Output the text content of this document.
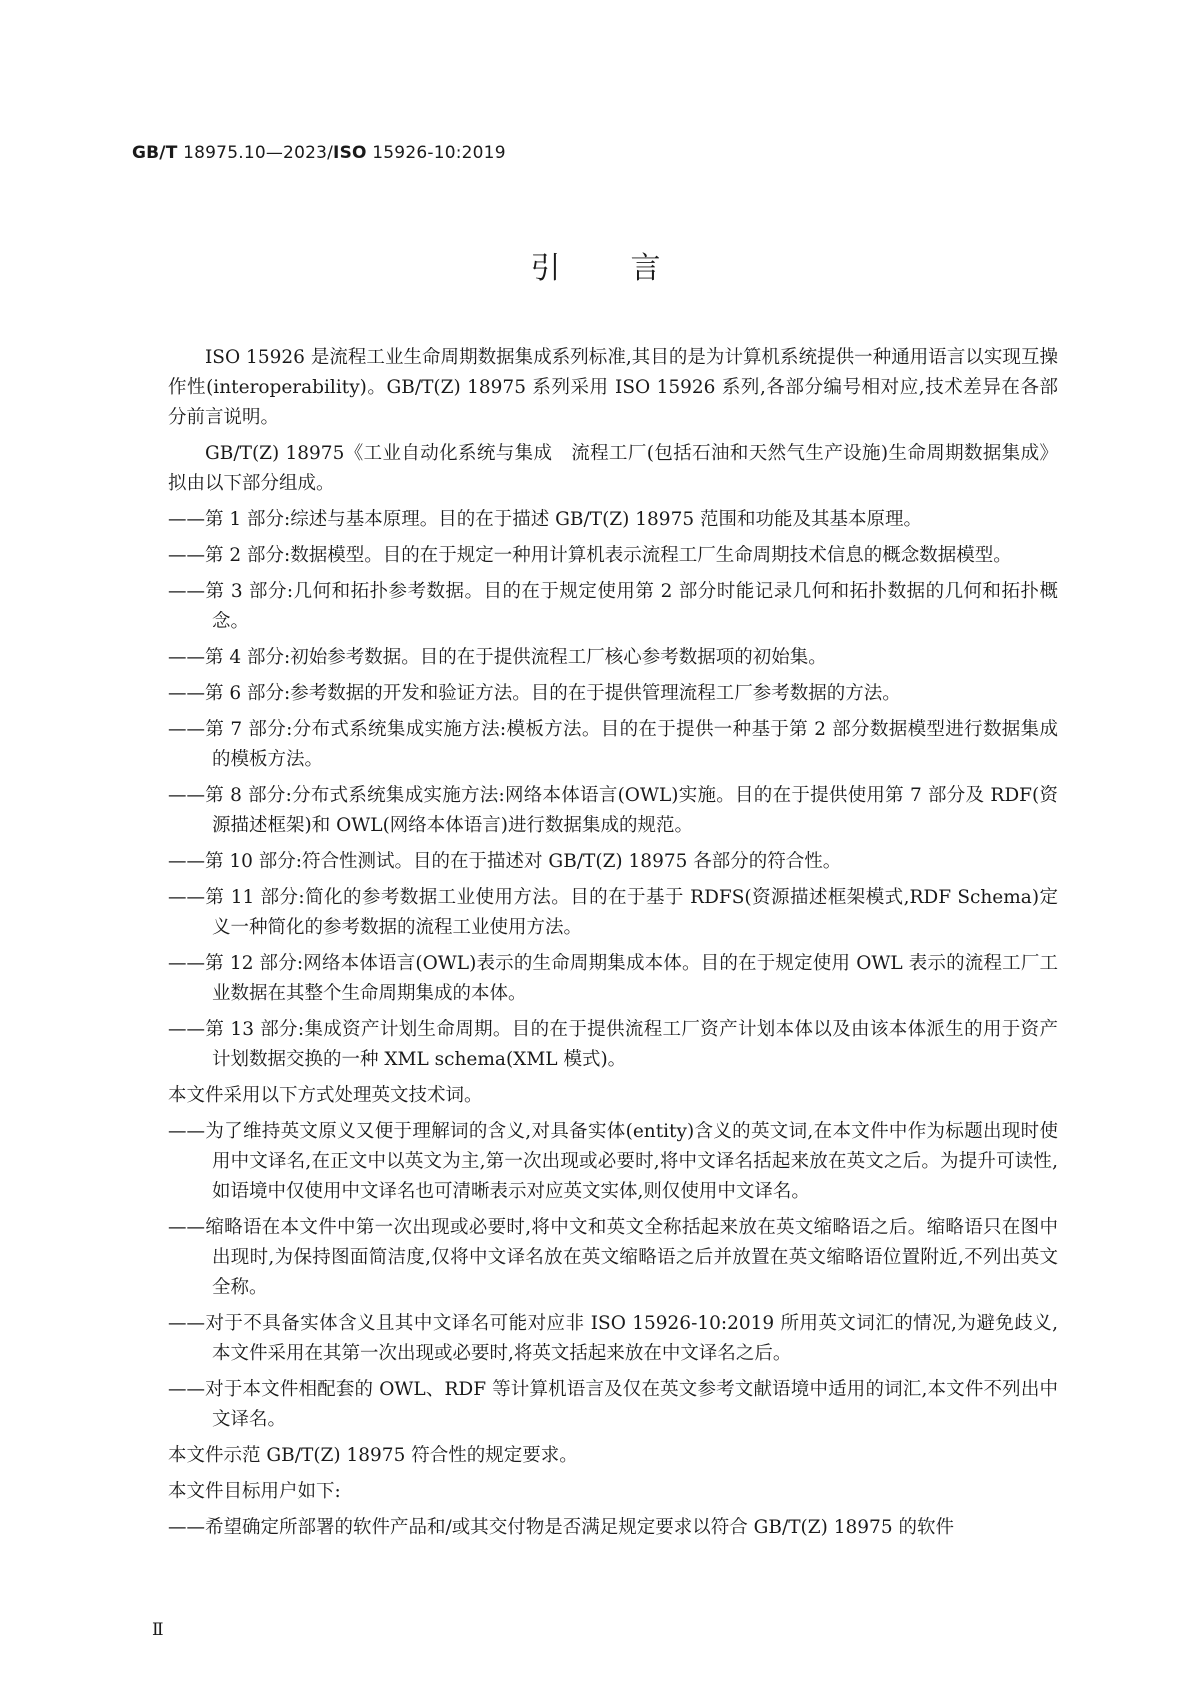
GB/T 18975.10—2023/ISO 15926-10:2019
引言

ISO 15926 是流程工业生命周期数据集成系列标准,其目的是为计算机系统提供一种通用语言以实现互操作性(interoperability)。GB/T(Z) 18975 系列采用 ISO 15926 系列,各部分编号相对应,技术差异在各部分前言说明。

GB/T(Z) 18975《工业自动化系统与集成　流程工厂(包括石油和天然气生产设施)生命周期数据集成》拟由以下部分组成。

——第 1 部分:综述与基本原理。目的在于描述 GB/T(Z) 18975 范围和功能及其基本原理。

——第 2 部分:数据模型。目的在于规定一种用计算机表示流程工厂生命周期技术信息的概念数据模型。

——第 3 部分:几何和拓扑参考数据。目的在于规定使用第 2 部分时能记录几何和拓扑数据的几何和拓扑概念。

——第 4 部分:初始参考数据。目的在于提供流程工厂核心参考数据项的初始集。

——第 6 部分:参考数据的开发和验证方法。目的在于提供管理流程工厂参考数据的方法。

——第 7 部分:分布式系统集成实施方法:模板方法。目的在于提供一种基于第 2 部分数据模型进行数据集成的模板方法。

——第 8 部分:分布式系统集成实施方法:网络本体语言(OWL)实施。目的在于提供使用第 7 部分及 RDF(资源描述框架)和 OWL(网络本体语言)进行数据集成的规范。

——第 10 部分:符合性测试。目的在于描述对 GB/T(Z) 18975 各部分的符合性。

——第 11 部分:简化的参考数据工业使用方法。目的在于基于 RDFS(资源描述框架模式,RDF Schema)定义一种简化的参考数据的流程工业使用方法。

——第 12 部分:网络本体语言(OWL)表示的生命周期集成本体。目的在于规定使用 OWL 表示的流程工厂工业数据在其整个生命周期集成的本体。

——第 13 部分:集成资产计划生命周期。目的在于提供流程工厂资产计划本体以及由该本体派生的用于资产计划数据交换的一种 XML schema(XML 模式)。

本文件采用以下方式处理英文技术词。

——为了维持英文原义又便于理解词的含义,对具备实体(entity)含义的英文词,在本文件中作为标题出现时使用中文译名,在正文中以英文为主,第一次出现或必要时,将中文译名括起来放在英文之后。为提升可读性,如语境中仅使用中文译名也可清晰表示对应英文实体,则仅使用中文译名。

——缩略语在本文件中第一次出现或必要时,将中文和英文全称括起来放在英文缩略语之后。缩略语只在图中出现时,为保持图面简洁度,仅将中文译名放在英文缩略语之后并放置在英文缩略语位置附近,不列出英文全称。

——对于不具备实体含义且其中文译名可能对应非 ISO 15926-10:2019 所用英文词汇的情况,为避免歧义,本文件采用在其第一次出现或必要时,将英文括起来放在中文译名之后。

——对于本文件相配套的 OWL、RDF 等计算机语言及仅在英文参考文献语境中适用的词汇,本文件不列出中文译名。

本文件示范 GB/T(Z) 18975 符合性的规定要求。

本文件目标用户如下:

——希望确定所部署的软件产品和/或其交付物是否满足规定要求以符合 GB/T(Z) 18975 的软件

Ⅱ
